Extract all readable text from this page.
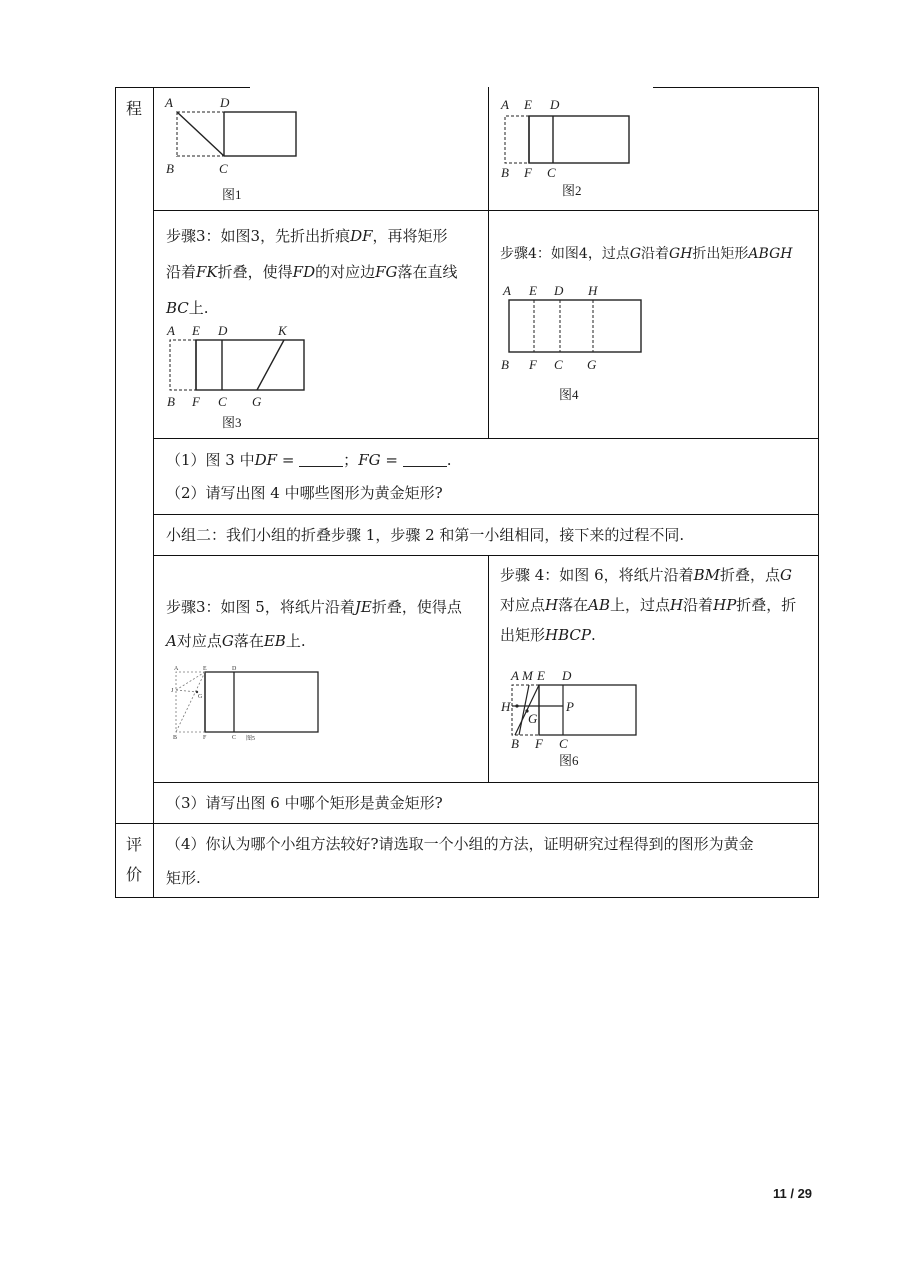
程
评
价
A	D
B	C
图1
A E D
B F C
图2
步骤3：如图3，先折出折痕DF，再将矩形
沿着FK折叠，使得FD的对应边FG落在直线
BC上.
A E D	K
B F C G
图3
步骤4：如图4，过点G沿着GH折出矩形ABGH
A E D H
B F C G
图4
（1）图 3 中DF =	；FG =	.
（2）请写出图 4 中哪些图形为黄金矩形?
小组二：我们小组的折叠步骤 1，步骤 2 和第一小组相同，接下来的过程不同.
步骤3：如图 5，将纸片沿着JE折叠，使得点
A对应点G落在EB上.
A	E	D
J
G
B	F	C 图5
步骤 4：如图 6，将纸片沿着BM折叠，点G
对应点H落在AB上，过点H沿着HP折叠，折
出矩形HBCP.
A M E D
H	P
G
B F C
图6
（3）请写出图 6 中哪个矩形是黄金矩形?
（4）你认为哪个小组方法较好?请选取一个小组的方法，证明研究过程得到的图形为黄金
矩形.
11 / 29
